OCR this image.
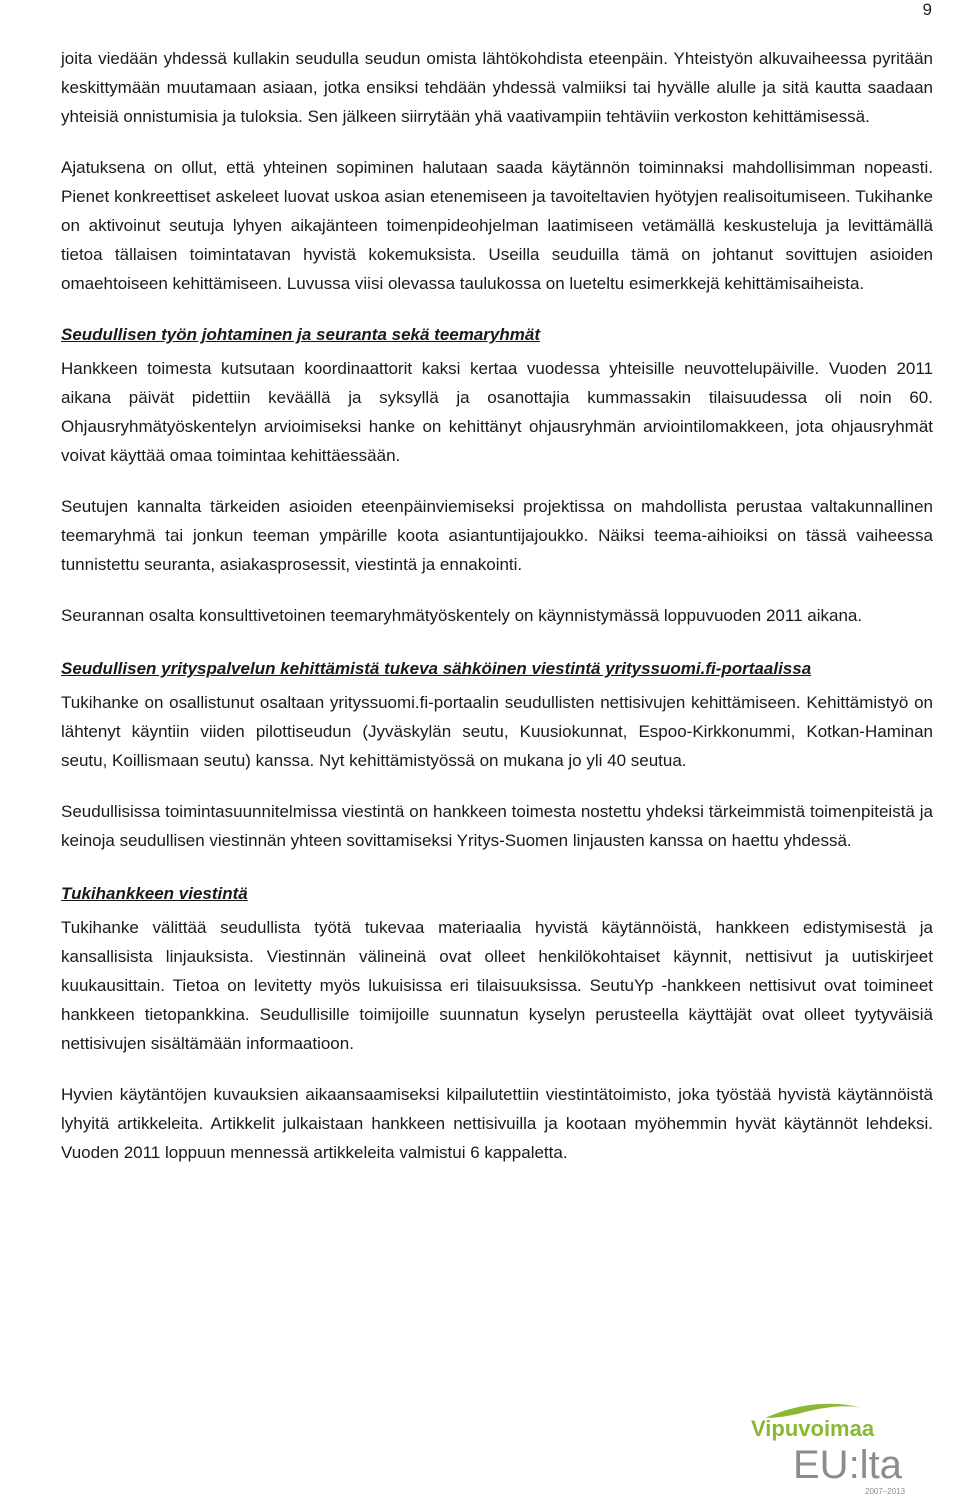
9

joita viedään yhdessä kullakin seudulla seudun omista lähtökohdista eteenpäin. Yhteistyön alkuvaiheessa pyritään keskittymään muutamaan asiaan, jotka ensiksi tehdään yhdessä valmiiksi tai hyvälle alulle ja sitä kautta saadaan yhteisiä onnistumisia ja tuloksia. Sen jälkeen siirrytään yhä vaativampiin tehtäviin verkoston kehittämisessä.

Ajatuksena on ollut, että yhteinen sopiminen halutaan saada käytännön toiminnaksi mahdollisimman nopeasti. Pienet konkreettiset askeleet luovat uskoa asian etenemiseen ja tavoiteltavien hyötyjen realisoitumiseen. Tukihanke on aktivoinut seutuja lyhyen aikajänteen toimenpideohjelman laatimiseen vetämällä keskusteluja ja levittämällä tietoa tällaisen toimintatavan hyvistä kokemuksista. Useilla seuduilla tämä on johtanut sovittujen asioiden omaehtoiseen kehittämiseen. Luvussa viisi olevassa taulukossa on lueteltu esimerkkejä kehittämisaiheista.

Seudullisen työn johtaminen ja seuranta sekä teemaryhmät

Hankkeen toimesta kutsutaan koordinaattorit kaksi kertaa vuodessa yhteisille neuvottelupäiville. Vuoden 2011 aikana päivät pidettiin keväällä ja syksyllä ja osanottajia kummassakin tilaisuudessa oli noin 60. Ohjausryhmätyöskentelyn arvioimiseksi hanke on kehittänyt ohjausryhmän arviointilomakkeen, jota ohjausryhmät voivat käyttää omaa toimintaa kehittäessään.

Seutujen kannalta tärkeiden asioiden eteenpäinviemiseksi projektissa on mahdollista perustaa valtakunnallinen teemaryhmä tai jonkun teeman ympärille koota asiantuntijajoukko. Näiksi teema-aihioiksi on tässä vaiheessa tunnistettu seuranta, asiakasprosessit, viestintä ja ennakointi.

Seurannan osalta konsulttivetoinen teemaryhmätyöskentely on käynnistymässä loppuvuoden 2011 aikana.

Seudullisen yrityspalvelun kehittämistä tukeva sähköinen viestintä yrityssuomi.fi-portaalissa

Tukihanke on osallistunut osaltaan yrityssuomi.fi-portaalin seudullisten nettisivujen kehittämiseen. Kehittämistyö on lähtenyt käyntiin viiden pilottiseudun (Jyväskylän seutu, Kuusiokunnat, Espoo-Kirkkonummi, Kotkan-Haminan seutu, Koillismaan seutu) kanssa. Nyt kehittämistyössä on mukana jo yli 40 seutua.

Seudullisissa toimintasuunnitelmissa viestintä on hankkeen toimesta nostettu yhdeksi tärkeimmistä toimenpiteistä ja keinoja seudullisen viestinnän yhteen sovittamiseksi Yritys-Suomen linjausten kanssa on haettu yhdessä.

Tukihankkeen viestintä

Tukihanke välittää seudullista työtä tukevaa materiaalia hyvistä käytännöistä, hankkeen edistymisestä ja kansallisista linjauksista. Viestinnän välineinä ovat olleet henkilökohtaiset käynnit, nettisivut ja uutiskirjeet kuukausittain. Tietoa on levitetty myös lukuisissa eri tilaisuuksissa. SeutuYp -hankkeen nettisivut ovat toimineet hankkeen tietopankkina. Seudullisille toimijoille suunnatun kyselyn perusteella käyttäjät ovat olleet tyytyväisiä nettisivujen sisältämään informaatioon.

Hyvien käytäntöjen kuvauksien aikaansaamiseksi kilpailutettiin viestintätoimisto, joka työstää hyvistä käytännöistä lyhyitä artikkeleita. Artikkelit julkaistaan hankkeen nettisivuilla ja kootaan myöhemmin hyvät käytännöt lehdeksi. Vuoden 2011 loppuun mennessä artikkeleita valmistui 6 kappaletta.

Vipuvoimaa
EU:lta
2007–2013
